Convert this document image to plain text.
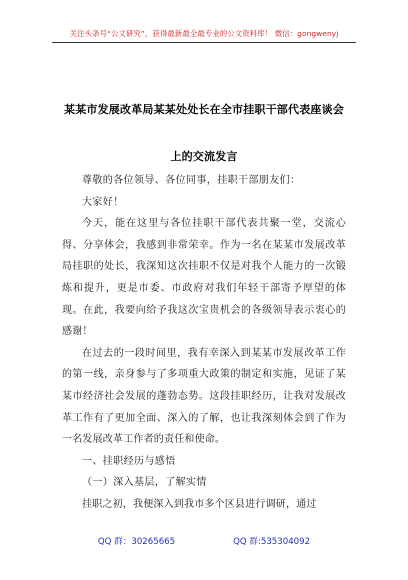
关注头条号“公文研究”，获得最新最全最专业的公文资料库！ 微信：gongwenyj
某某市发展改革局某某处处长在全市挂职干部代表座谈会
上的交流发言

尊敬的各位领导、各位同事，挂职干部朋友们：

大家好！

今天，能在这里与各位挂职干部代表共聚一堂，交流心得、分享体会，我感到非常荣幸。作为一名在某某市发展改革局挂职的处长，我深知这次挂职不仅是对我个人能力的一次锻炼和提升，更是市委、市政府对我们年轻干部寄予厚望的体现。在此，我要向给予我这次宝贵机会的各级领导表示衷心的感谢！

在过去的一段时间里，我有幸深入到某某市发展改革工作的第一线，亲身参与了多项重大政策的制定和实施，见证了某某市经济社会发展的蓬勃态势。这段挂职经历，让我对发展改革工作有了更加全面、深入的了解，也让我深刻体会到了作为一名发展改革工作者的责任和使命。

一、挂职经历与感悟

（一）深入基层，了解实情

挂职之初，我便深入到我市多个区县进行调研，通过

QQ 群：30265665	QQ 群:535304092
